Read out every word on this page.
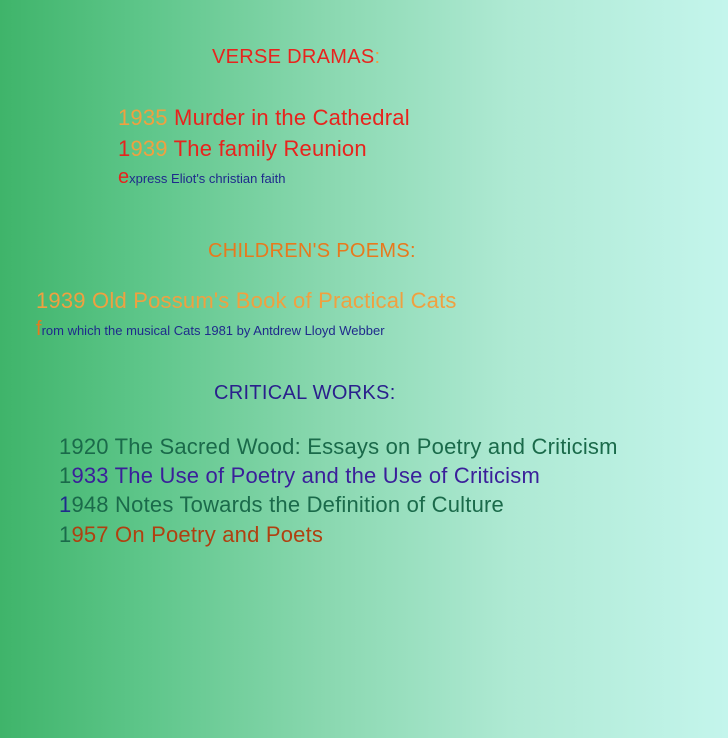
VERSE DRAMAS:
1935 Murder in the Cathedral
1939 The family Reunion
express Eliot's christian faith
CHILDREN'S POEMS:
1939 Old Possum's Book of Practical Cats
from which the musical Cats 1981 by Antdrew Lloyd Webber
CRITICAL WORKS:
1920 The Sacred Wood: Essays on Poetry and Criticism
1933 The Use of Poetry and the Use of Criticism
1948 Notes Towards the Definition of Culture
1957 On Poetry and Poets
